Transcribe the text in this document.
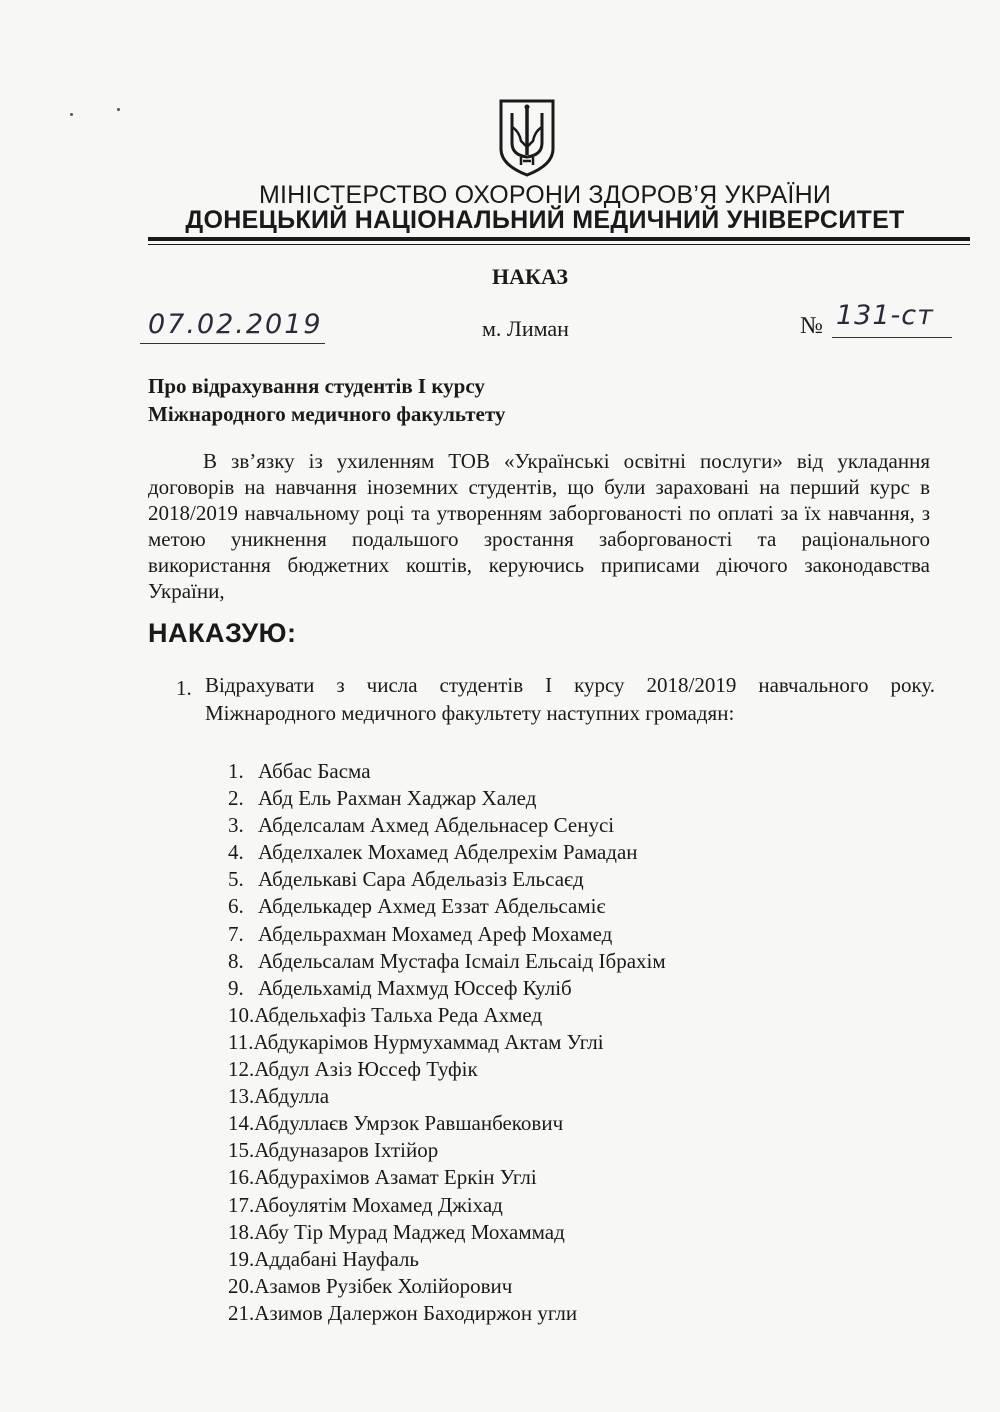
МІНІСТЕРСТВО ОХОРОНИ ЗДОРОВ’Я УКРАЇНИ
ДОНЕЦЬКИЙ НАЦІОНАЛЬНИЙ МЕДИЧНИЙ УНІВЕРСИТЕТ
НАКАЗ
07.02.2019	м. Лиман	№ 131-ст
Про відрахування студентів І курсу
Міжнародного медичного факультету
В зв’язку із ухиленням ТОВ «Українські освітні послуги» від укладання договорів на навчання іноземних студентів, що були зараховані на перший курс в 2018/2019 навчальному році та утворенням заборгованості по оплаті за їх навчання, з метою уникнення подальшого зростання заборгованості та раціонального використання бюджетних коштів, керуючись приписами діючого законодавства України,
НАКАЗУЮ:
1. Відрахувати з числа студентів І курсу 2018/2019 навчального року. Міжнародного медичного факультету наступних громадян:
1. Аббас Басма
2. Абд Ель Рахман Хаджар Халед
3. Абделсалам Ахмед Абдельнасер Сенусі
4. Абделхалек Мохамед Абделрехім Рамадан
5. Абделькаві Сара Абдельазіз Ельсаєд
6. Абделькадер Ахмед Еззат Абдельсаміє
7. Абдельрахман Мохамед Ареф Мохамед
8. Абдельсалам Мустафа Ісмаіл Ельсаід Ібрахім
9. Абдельхамід Махмуд Юссеф Кулiб
10.Абдельхафіз Тальха Реда Ахмед
11.Абдукарімов Нурмухаммад Актам Углі
12.Абдул Азіз Юссеф Туфік
13.Абдулла
14.Абдуллаєв Умрзок Равшанбекович
15.Абдуназаров Іхтійор
16.Абдурахімов Азамат Еркін Углі
17.Абоулятім Мохамед Джіхад
18.Абу Тір Мурад Маджед Мохаммад
19.Аддабані Науфаль
20.Азамов Рузібек Холійорович
21.Азимов Далержон Баходиржон угли
